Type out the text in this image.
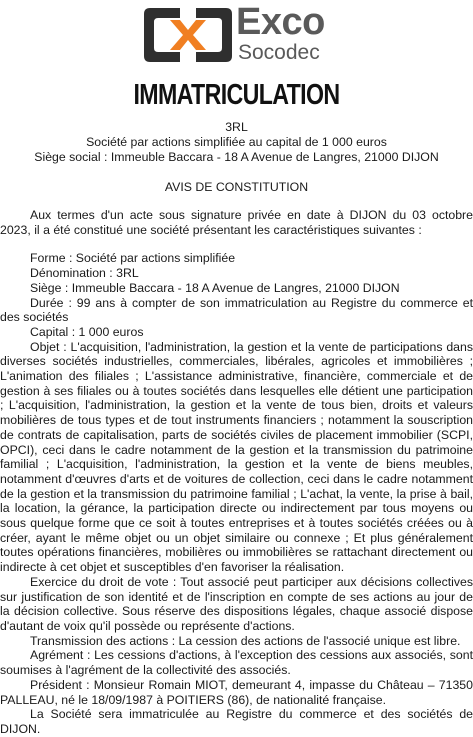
Exco
Socodec
IMMATRICULATION

3RL

Société par actions simplifiée au capital de 1 000 euros

Siège social : Immeuble Baccara - 18 A Avenue de Langres, 21000 DIJON

AVIS DE CONSTITUTION

Aux termes d'un acte sous signature privée en date à DIJON du 03 octobre 2023, il a été constitué une société présentant les caractéristiques suivantes :

Forme : Société par actions simplifiée

Dénomination : 3RL

Siège : Immeuble Baccara - 18 A Avenue de Langres, 21000 DIJON

Durée : 99 ans à compter de son immatriculation au Registre du commerce et des sociétés

Capital : 1 000 euros

Objet : L'acquisition, l'administration, la gestion et la vente de participations dans diverses sociétés industrielles, commerciales, libérales, agricoles et immobilières ; L'animation des filiales ; L'assistance administrative, financière, commerciale et de gestion à ses filiales ou à toutes sociétés dans lesquelles elle détient une participation ; L'acquisition, l'administration, la gestion et la vente de tous bien, droits et valeurs mobilières de tous types et de tout instruments financiers ; notamment la souscription de contrats de capitalisation, parts de sociétés civiles de placement immobilier (SCPI, OPCI), ceci dans le cadre notamment de la gestion et la transmission du patrimoine familial ; L'acquisition, l'administration, la gestion et la vente de biens meubles, notamment d'œuvres d'arts et de voitures de collection, ceci dans le cadre notamment de la gestion et la transmission du patrimoine familial ; L'achat, la vente, la prise à bail, la location, la gérance, la participation directe ou indirectement par tous moyens ou sous quelque forme que ce soit à toutes entreprises et à toutes sociétés créées ou à créer, ayant le même objet ou un objet similaire ou connexe ; Et plus généralement toutes opérations financières, mobilières ou immobilières se rattachant directement ou indirecte à cet objet et susceptibles d'en favoriser la réalisation.

Exercice du droit de vote : Tout associé peut participer aux décisions collectives sur justification de son identité et de l'inscription en compte de ses actions au jour de la décision collective. Sous réserve des dispositions légales, chaque associé dispose d'autant de voix qu'il possède ou représente d'actions.

Transmission des actions : La cession des actions de l'associé unique est libre.

Agrément : Les cessions d'actions, à l'exception des cessions aux associés, sont soumises à l'agrément de la collectivité des associés.

Président : Monsieur Romain MIOT, demeurant 4, impasse du Château – 71350 PALLEAU, né le 18/09/1987 à POITIERS (86), de nationalité française.

La Société sera immatriculée au Registre du commerce et des sociétés de DIJON.
